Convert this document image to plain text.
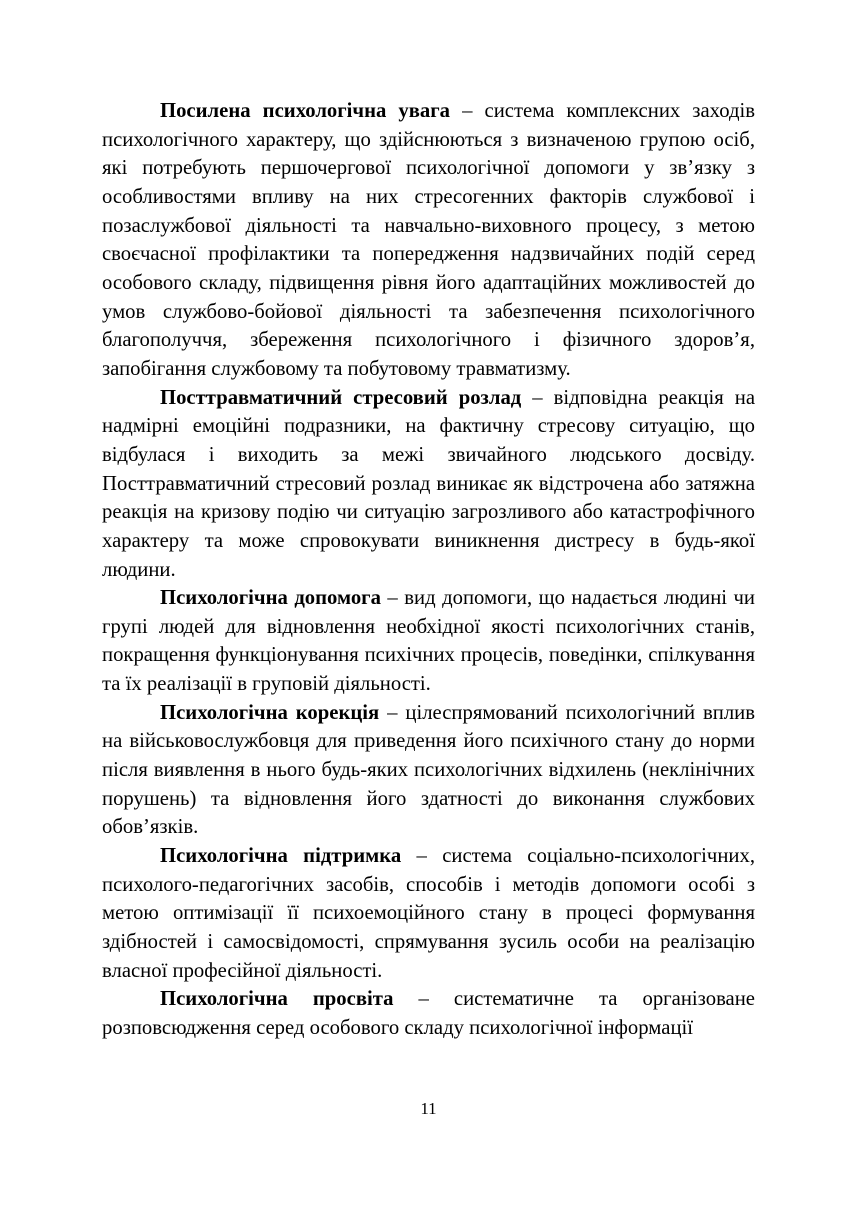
Посилена психологічна увага – система комплексних заходів психологічного характеру, що здійснюються з визначеною групою осіб, які потребують першочергової психологічної допомоги у зв’язку з особливостями впливу на них стресогенних факторів службової і позаслужбової діяльності та навчально-виховного процесу, з метою своєчасної профілактики та попередження надзвичайних подій серед особового складу, підвищення рівня його адаптаційних можливостей до умов службово-бойової діяльності та забезпечення психологічного благополуччя, збереження психологічного і фізичного здоров’я, запобігання службовому та побутовому травматизму.

Посттравматичний стресовий розлад – відповідна реакція на надмірні емоційні подразники, на фактичну стресову ситуацію, що відбулася і виходить за межі звичайного людського досвіду. Посттравматичний стресовий розлад виникає як відстрочена або затяжна реакція на кризову подію чи ситуацію загрозливого або катастрофічного характеру та може спровокувати виникнення дистресу в будь-якої людини.

Психологічна допомога – вид допомоги, що надається людині чи групі людей для відновлення необхідної якості психологічних станів, покращення функціонування психічних процесів, поведінки, спілкування та їх реалізації в груповій діяльності.

Психологічна корекція – цілеспрямований психологічний вплив на військовослужбовця для приведення його психічного стану до норми після виявлення в нього будь-яких психологічних відхилень (неклінічних порушень) та відновлення його здатності до виконання службових обов’язків.

Психологічна підтримка – система соціально-психологічних, психолого-педагогічних засобів, способів і методів допомоги особі з метою оптимізації її психоемоційного стану в процесі формування здібностей і самосвідомості, спрямування зусиль особи на реалізацію власної професійної діяльності.

Психологічна просвіта – систематичне та організоване розповсюдження серед особового складу психологічної інформації

11
